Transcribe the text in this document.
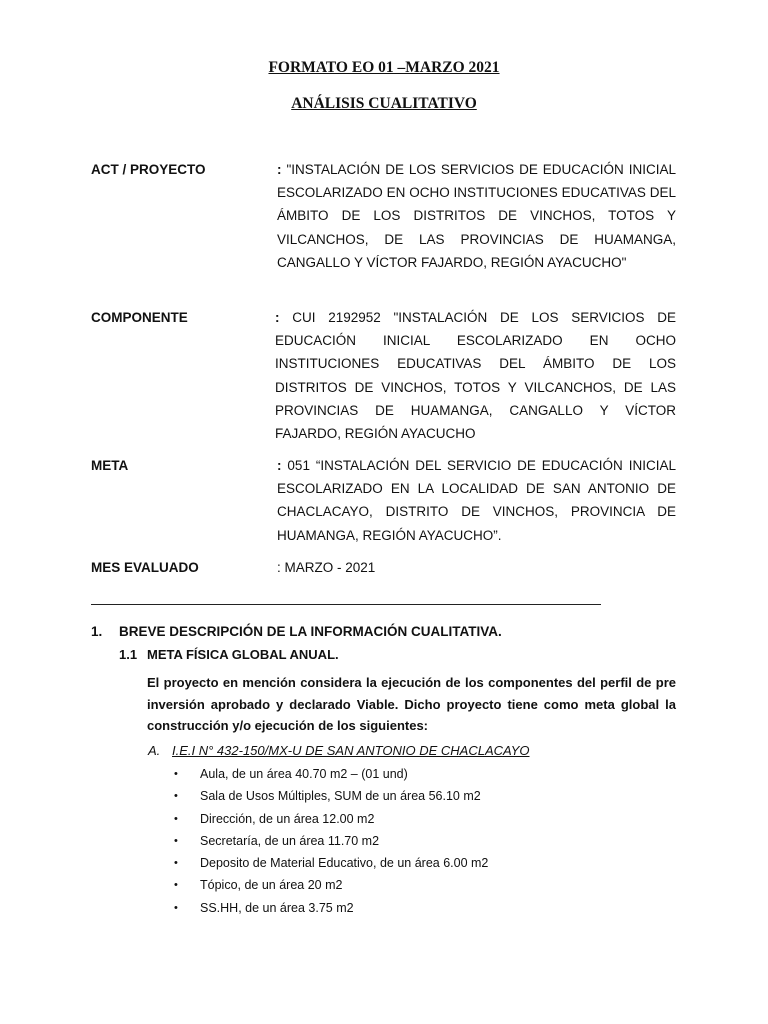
FORMATO EO 01 –MARZO 2021
ANÁLISIS CUALITATIVO
ACT / PROYECTO	: "INSTALACIÓN DE LOS SERVICIOS DE EDUCACIÓN INICIAL ESCOLARIZADO EN OCHO INSTITUCIONES EDUCATIVAS DEL ÁMBITO DE LOS DISTRITOS DE VINCHOS, TOTOS Y VILCANCHOS, DE LAS PROVINCIAS DE HUAMANGA, CANGALLO Y VÍCTOR FAJARDO, REGIÓN AYACUCHO"
COMPONENTE	: CUI 2192952 "INSTALACIÓN DE LOS SERVICIOS DE EDUCACIÓN INICIAL ESCOLARIZADO EN OCHO INSTITUCIONES EDUCATIVAS DEL ÁMBITO DE LOS DISTRITOS DE VINCHOS, TOTOS Y VILCANCHOS, DE LAS PROVINCIAS DE HUAMANGA, CANGALLO Y VÍCTOR FAJARDO, REGIÓN AYACUCHO
META	: 051 “INSTALACIÓN DEL SERVICIO DE EDUCACIÓN INICIAL ESCOLARIZADO EN LA LOCALIDAD DE SAN ANTONIO DE CHACLACAYO, DISTRITO DE VINCHOS, PROVINCIA DE HUAMANGA, REGIÓN AYACUCHO”.
MES EVALUADO	: MARZO - 2021
1. BREVE DESCRIPCIÓN DE LA INFORMACIÓN CUALITATIVA.
1.1 META FÍSICA GLOBAL ANUAL.
El proyecto en mención considera la ejecución de los componentes del perfil de pre inversión aprobado y declarado Viable. Dicho proyecto tiene como meta global la construcción y/o ejecución de los siguientes:
A. I.E.I N° 432-150/MX-U DE SAN ANTONIO DE CHACLACAYO
• Aula, de un área 40.70 m2 – (01 und)
• Sala de Usos Múltiples, SUM de un área 56.10 m2
• Dirección, de un área 12.00 m2
• Secretaría, de un área 11.70 m2
• Deposito de Material Educativo, de un área 6.00 m2
• Tópico, de un área 20 m2
• SS.HH, de un área 3.75 m2
